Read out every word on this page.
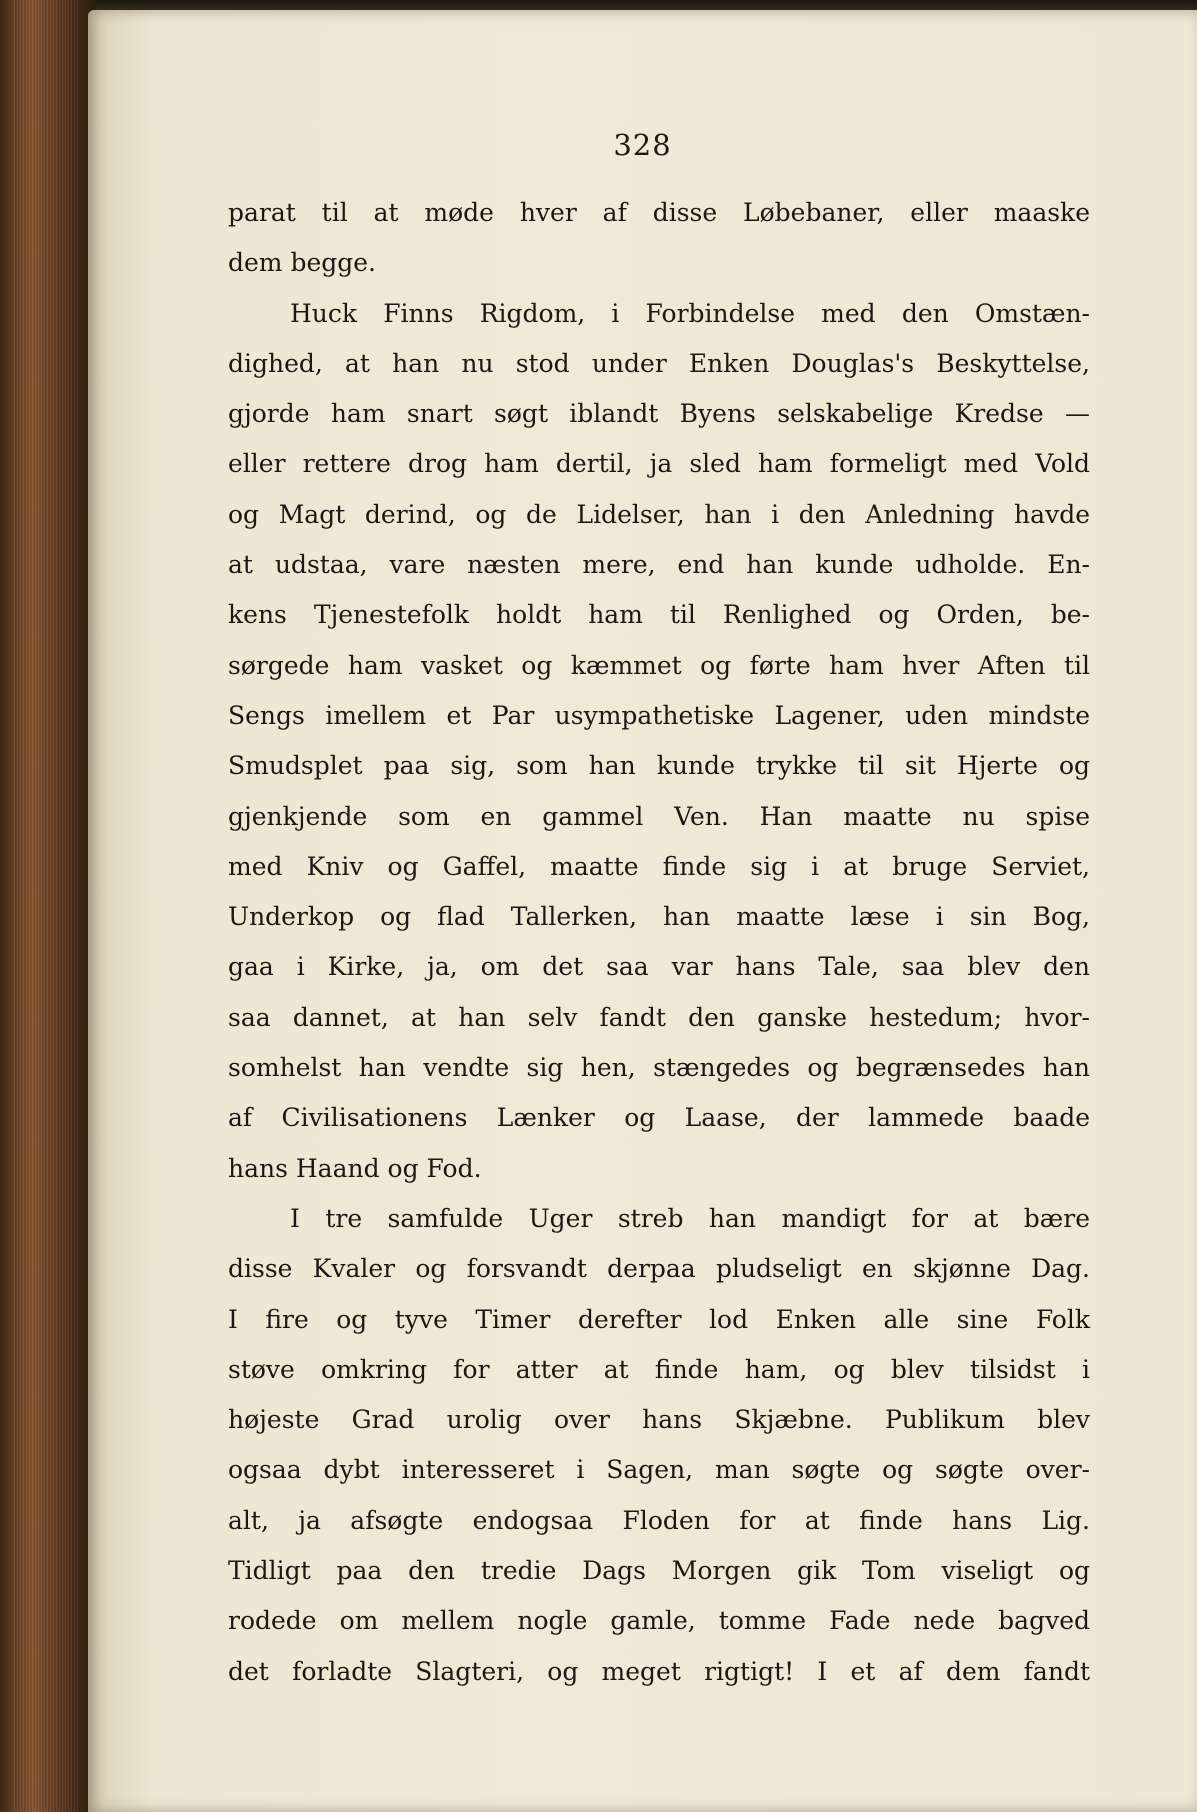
328
parat til at møde hver af disse Løbebaner, eller maaske
dem begge.
Huck Finns Rigdom, i Forbindelse med den Omstæn-
dighed, at han nu stod under Enken Douglas's Beskyttelse,
gjorde ham snart søgt iblandt Byens selskabelige Kredse —
eller rettere drog ham dertil, ja sled ham formeligt med Vold
og Magt derind, og de Lidelser, han i den Anledning havde
at udstaa, vare næsten mere, end han kunde udholde. En-
kens Tjenestefolk holdt ham til Renlighed og Orden, be-
sørgede ham vasket og kæmmet og førte ham hver Aften til
Sengs imellem et Par usympathetiske Lagener, uden mindste
Smudsplet paa sig, som han kunde trykke til sit Hjerte og
gjenkjende som en gammel Ven. Han maatte nu spise
med Kniv og Gaffel, maatte finde sig i at bruge Serviet,
Underkop og flad Tallerken, han maatte læse i sin Bog,
gaa i Kirke, ja, om det saa var hans Tale, saa blev den
saa dannet, at han selv fandt den ganske hestedum; hvor-
somhelst han vendte sig hen, stængedes og begrænsedes han
af Civilisationens Lænker og Laase, der lammede baade
hans Haand og Fod.
I tre samfulde Uger streb han mandigt for at bære
disse Kvaler og forsvandt derpaa pludseligt en skjønne Dag.
I fire og tyve Timer derefter lod Enken alle sine Folk
støve omkring for atter at finde ham, og blev tilsidst i
højeste Grad urolig over hans Skjæbne. Publikum blev
ogsaa dybt interesseret i Sagen, man søgte og søgte over-
alt, ja afsøgte endogsaa Floden for at finde hans Lig.
Tidligt paa den tredie Dags Morgen gik Tom viseligt og
rodede om mellem nogle gamle, tomme Fade nede bagved
det forladte Slagteri, og meget rigtigt! I et af dem fandt
